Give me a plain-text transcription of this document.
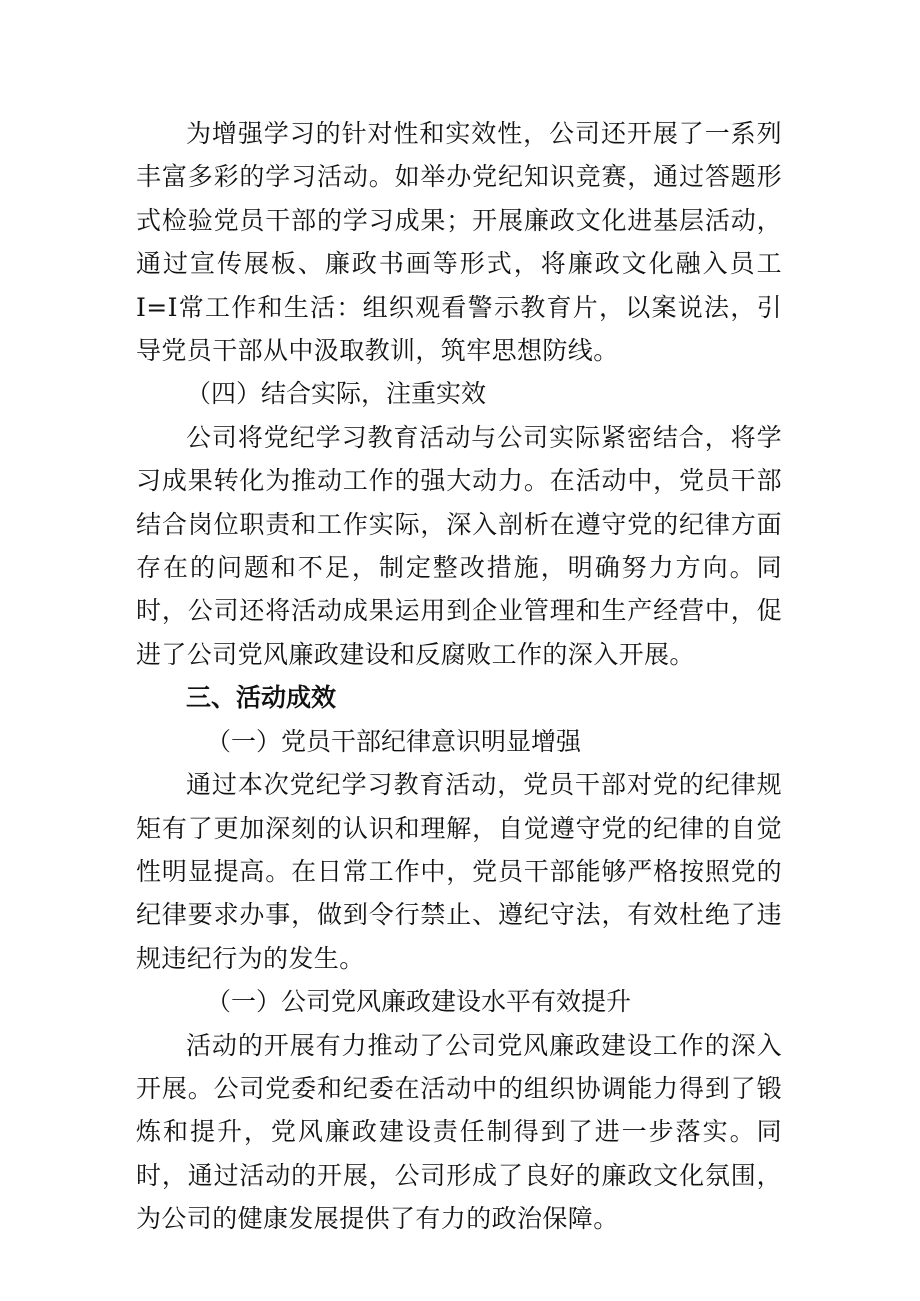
为增强学习的针对性和实效性，公司还开展了一系列丰富多彩的学习活动。如举办党纪知识竞赛，通过答题形式检验党员干部的学习成果；开展廉政文化进基层活动，通过宣传展板、廉政书画等形式，将廉政文化融入员工I=I常工作和生活：组织观看警示教育片，以案说法，引导党员干部从中汲取教训，筑牢思想防线。

（四）结合实际，注重实效

公司将党纪学习教育活动与公司实际紧密结合，将学习成果转化为推动工作的强大动力。在活动中，党员干部结合岗位职责和工作实际，深入剖析在遵守党的纪律方面存在的问题和不足，制定整改措施，明确努力方向。同时，公司还将活动成果运用到企业管理和生产经营中，促进了公司党风廉政建设和反腐败工作的深入开展。

三、活动成效

（一）党员干部纪律意识明显增强

通过本次党纪学习教育活动，党员干部对党的纪律规矩有了更加深刻的认识和理解，自觉遵守党的纪律的自觉性明显提高。在日常工作中，党员干部能够严格按照党的纪律要求办事，做到令行禁止、遵纪守法，有效杜绝了违规违纪行为的发生。

（一）公司党风廉政建设水平有效提升

活动的开展有力推动了公司党风廉政建设工作的深入开展。公司党委和纪委在活动中的组织协调能力得到了锻炼和提升，党风廉政建设责任制得到了进一步落实。同时，通过活动的开展，公司形成了良好的廉政文化氛围，为公司的健康发展提供了有力的政治保障。
